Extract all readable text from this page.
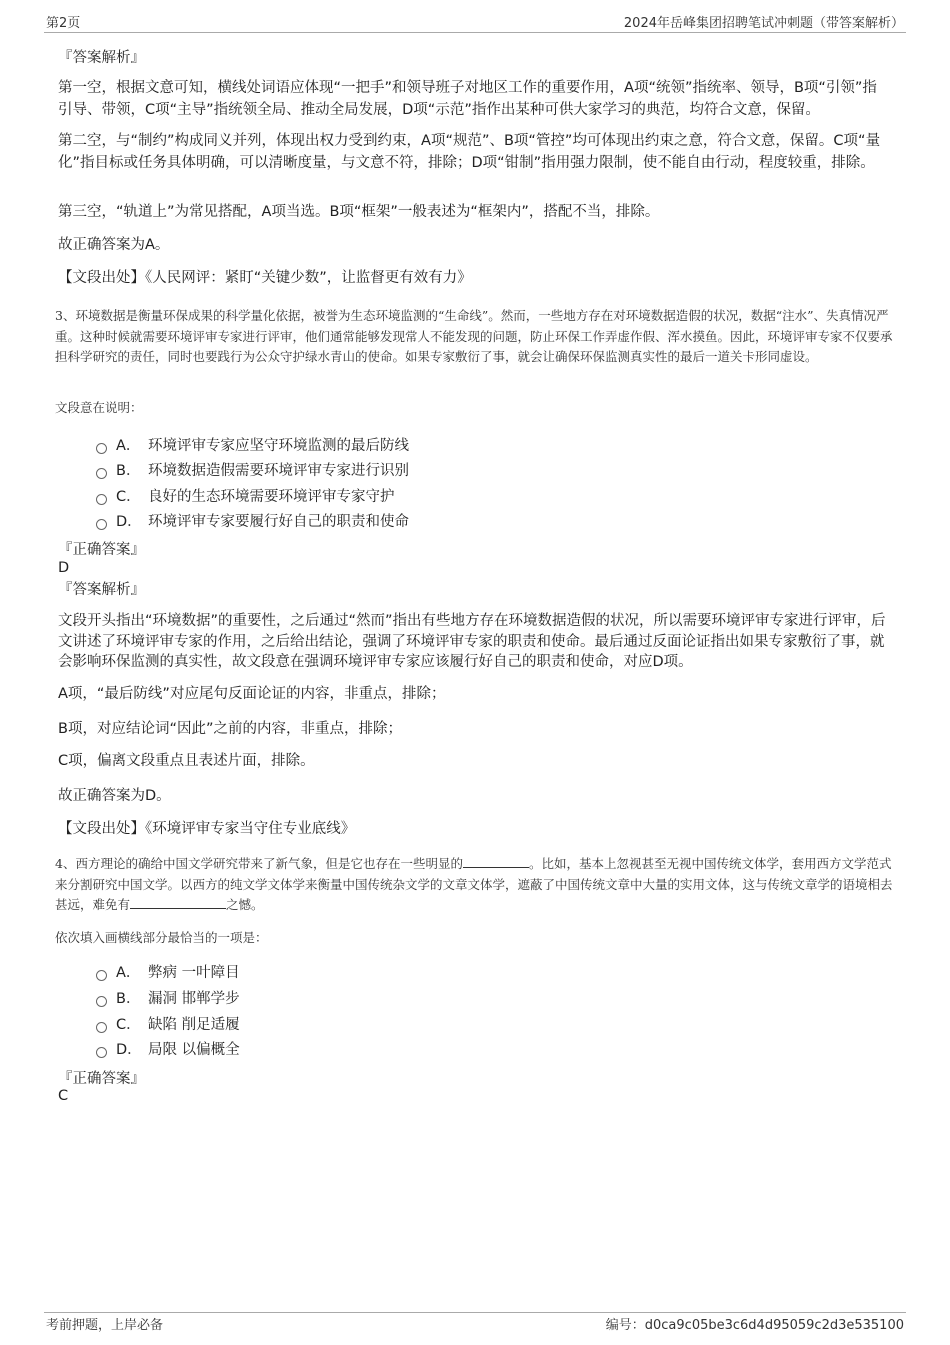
第2页	2024年岳峰集团招聘笔试冲刺题（带答案解析）
『答案解析』
第一空，根据文意可知，横线处词语应体现“一把手”和领导班子对地区工作的重要作用，A项“统领”指统率、领导，B项“引领”指引导、带领，C项“主导”指统领全局、推动全局发展，D项“示范”指作出某种可供大家学习的典范，均符合文意，保留。
第二空，与“制约”构成同义并列，体现出权力受到约束，A项“规范”、B项“管控”均可体现出约束之意，符合文意，保留。C项“量化”指目标或任务具体明确，可以清晰度量，与文意不符，排除；D项“钳制”指用强力限制，使不能自由行动，程度较重，排除。
第三空，“轨道上”为常见搭配，A项当选。B项“框架”一般表述为“框架内”，搭配不当，排除。
故正确答案为A。
【文段出处】《人民网评：紧盯“关键少数”，让监督更有效有力》
3、环境数据是衡量环保成果的科学量化依据，被誉为生态环境监测的“生命线”。然而，一些地方存在对环境数据造假的状况，数据“注水”、失真情况严重。这种时候就需要环境评审专家进行评审，他们通常能够发现常人不能发现的问题，防止环保工作弄虚作假、浑水摸鱼。因此，环境评审专家不仅要承担科学研究的责任，同时也要践行为公众守护绿水青山的使命。如果专家敷衍了事，就会让确保环保监测真实性的最后一道关卡形同虚设。
文段意在说明：
A． 环境评审专家应坚守环境监测的最后防线
B． 环境数据造假需要环境评审专家进行识别
C． 良好的生态环境需要环境评审专家守护
D． 环境评审专家要履行好自己的职责和使命
『正确答案』
D
『答案解析』
文段开头指出“环境数据”的重要性，之后通过“然而”指出有些地方存在环境数据造假的状况，所以需要环境评审专家进行评审，后文讲述了环境评审专家的作用，之后给出结论，强调了环境评审专家的职责和使命。最后通过反面论证指出如果专家敷衍了事，就会影响环保监测的真实性，故文段意在强调环境评审专家应该履行好自己的职责和使命，对应D项。
A项，“最后防线”对应尾句反面论证的内容，非重点，排除；
B项，对应结论词“因此”之前的内容，非重点，排除；
C项，偏离文段重点且表述片面，排除。
故正确答案为D。
【文段出处】《环境评审专家当守住专业底线》
4、西方理论的确给中国文学研究带来了新气象，但是它也存在一些明显的	。比如，基本上忽视甚至无视中国传统文体学，套用西方文学范式来分割研究中国文学。以西方的纯文学文体学来衡量中国传统杂文学的文章文体学，遮蔽了中国传统文章中大量的实用文体，这与传统文章学的语境相去甚远，难免有	之憾。
依次填入画横线部分最恰当的一项是：
A． 弊病 一叶障目
B． 漏洞 邯郸学步
C． 缺陷 削足适履
D． 局限 以偏概全
『正确答案』
C
考前押题，上岸必备	编号：d0ca9c05be3c6d4d95059c2d3e535100
